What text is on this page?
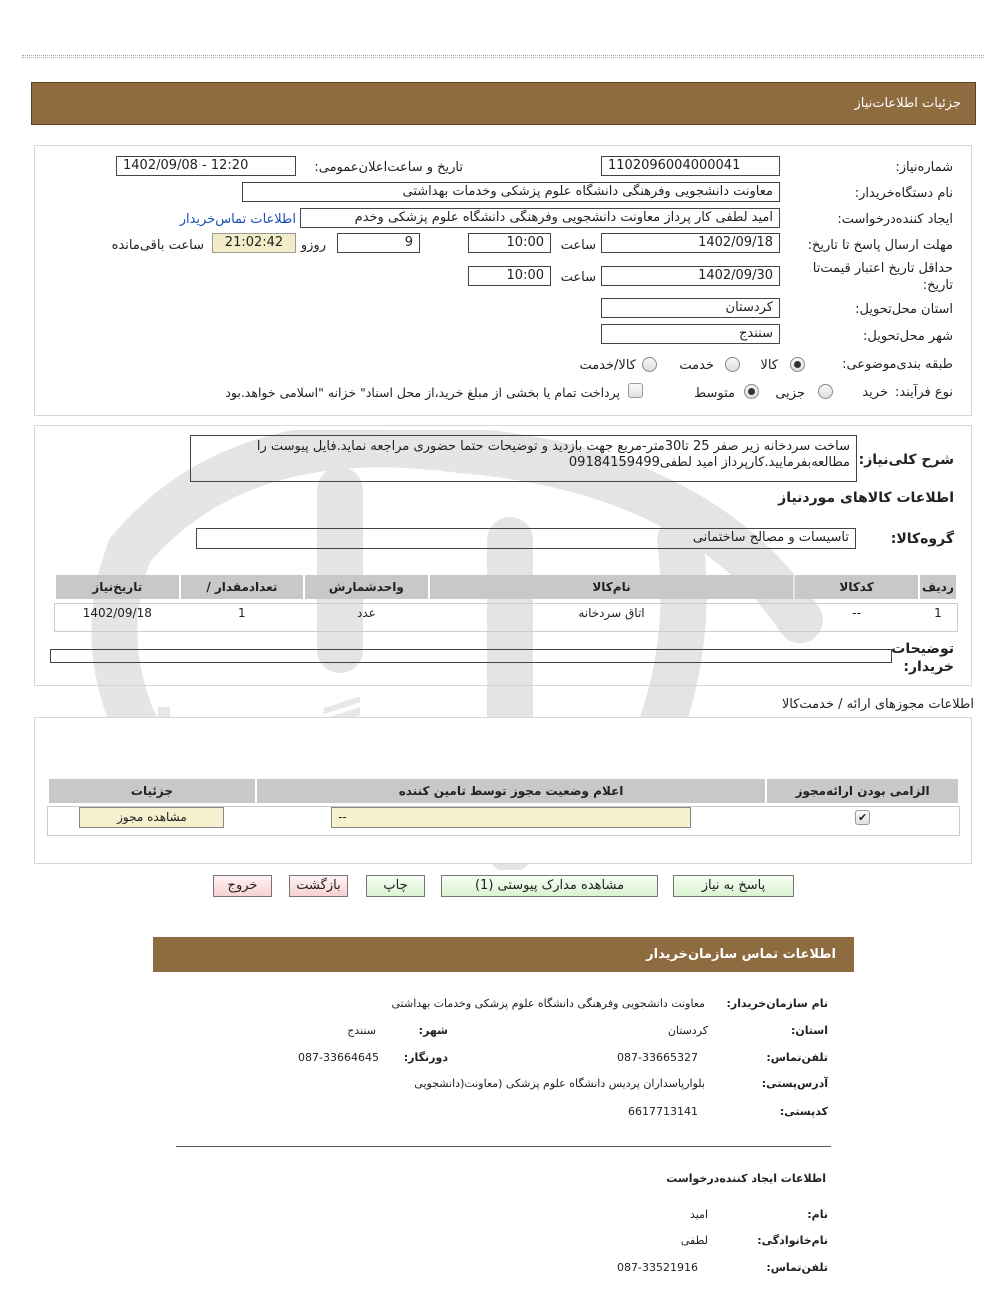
جزئیات اطلاعات‌نیاز
شماره‌نیاز:
1102096004000041
تاریخ و ساعت‌اعلان‌عمومی:
1402/09/08 - 12:20
نام دستگاه‌خریدار:
معاونت دانشجویی وفرهنگی دانشگاه علوم پزشکی وخدمات بهداشتی
ایجاد کننده‌درخواست:
امید لطفی کار پرداز معاونت دانشجویی وفرهنگی دانشگاه علوم پزشکی وخدم
اطلاعات تماس‌خریدار
مهلت ارسال پاسخ تا تاریخ:
1402/09/18
ساعت
10:00
9
روزو
21:02:42
ساعت باقی‌مانده
حداقل تاریخ اعتبار قیمت‌تا تاریخ:
1402/09/30
ساعت
10:00
استان محل‌تحویل:
کردستان
شهر محل‌تحویل:
سنندج
طبقه بندی‌موضوعی:
کالا
خدمت
کالا/خدمت
نوع فرآیند:
خرید
جزیی
متوسط
پرداخت تمام یا بخشی از مبلغ خرید،از محل اسناد" خزانه "اسلامی خواهد.بود
شرح کلی‌نیاز:
ساخت سردخانه زیر صفر 25 تا30متر-مربع جهت بازدید و توضیحات حتما حضوری مراجعه نماید.فایل پیوست را مطالعه‌بفرمایید.کارپرداز امید لطفی09184159499
اطلاعات کالاهای مورد‌نیاز
گروه‌کالا:
تاسیسات و مصالح ساختمانی
ردیف	کدکالا	نام‌کالا	واحدشمارش	تعدادمقدار /	تاریخ‌نیاز
1	--	اتاق سردخانه	عدد	1	1402/09/18
توضیحات خریدار:
اطلاعات مجوزهای ارائه / خدمت‌کالا
الزامی بودن ارائه‌مجوز	اعلام وضعیت مجوز توسط تامین کننده	جزئیات
✔	--	مشاهده مجوز
پاسخ به نیاز
مشاهده مدارک پیوستی (1)
چاپ
بازگشت
خروج
اطلاعات تماس سازمان‌خریدار
نام سازمان‌خریدار:
معاونت دانشجویی وفرهنگی دانشگاه علوم پزشکی وخدمات بهداشتی
استان:
کردستان
شهر:
سنندج
تلفن‌تماس:
087-33665327
دورنگار:
087-33664645
آدرس‌پستی:
بلوارپاسداران پردیس دانشگاه علوم پزشکی (معاونت(دانشجویی
کدپستی:
6617713141
اطلاعات ایجاد کننده‌درخواست
نام:
امید
نام‌خانوادگی:
لطفی
تلفن‌تماس:
087-33521916
